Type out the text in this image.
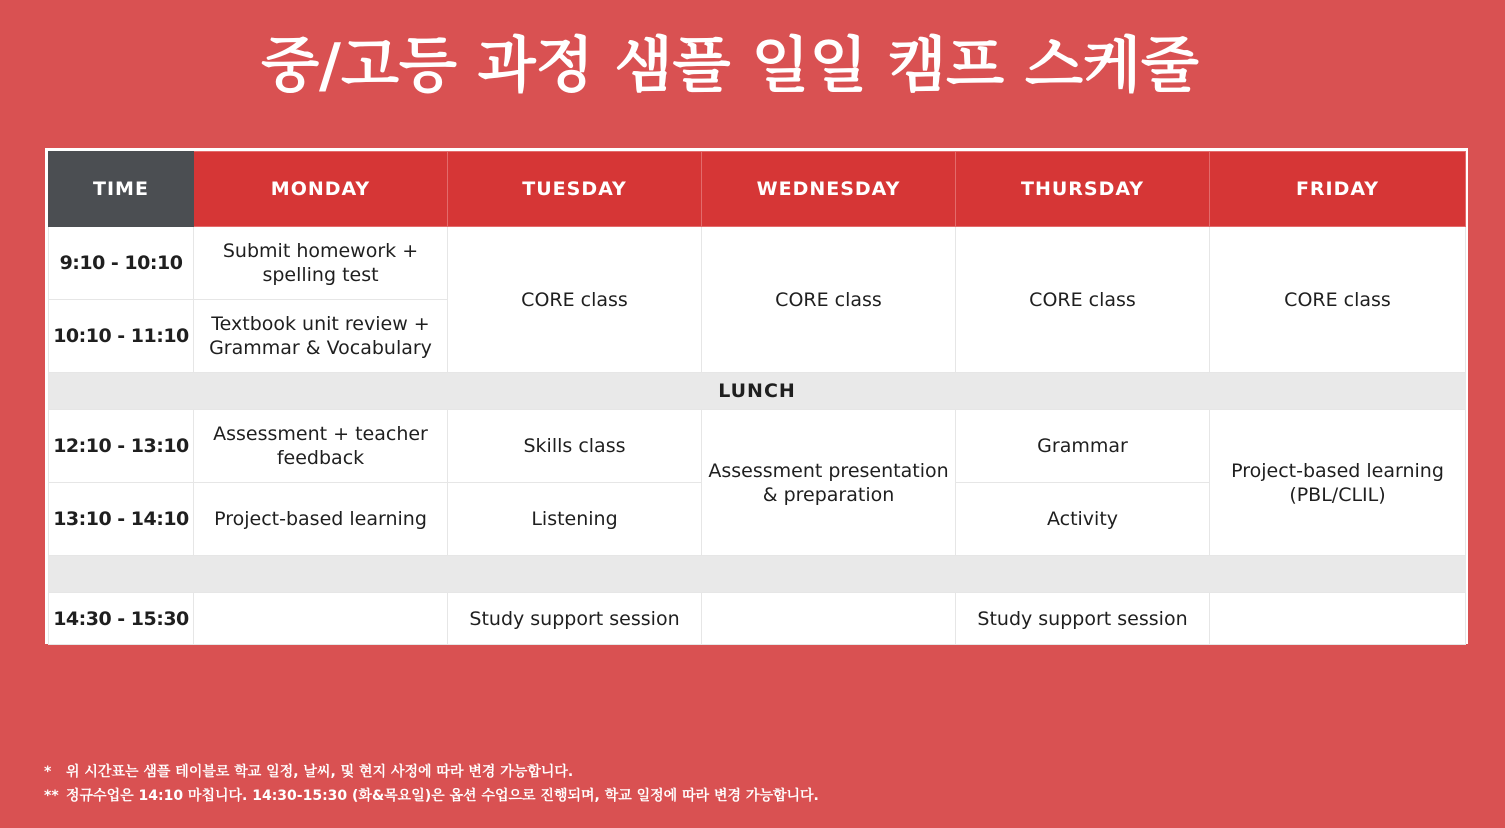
중/고등 과정 샘플 일일 캠프 스케줄
TIME	MONDAY	TUESDAY	WEDNESDAY	THURSDAY	FRIDAY
9:10 - 10:10	Submit homework + spelling test	CORE class	CORE class	CORE class	CORE class
10:10 - 11:10	Textbook unit review + Grammar & Vocabulary				
LUNCH					
12:10 - 13:10	Assessment + teacher feedback	Skills class	Assessment presentation & preparation	Grammar	Project-based learning (PBL/CLIL)
13:10 - 14:10	Project-based learning	Listening		Activity	

14:30 - 15:30		Study support session		Study support session	
* 위 시간표는 샘플 테이블로 학교 일정, 날씨, 및 현지 사정에 따라 변경 가능합니다.
** 정규수업은 14:10 마칩니다. 14:30-15:30 (화&목요일)은 옵션 수업으로 진행되며, 학교 일정에 따라 변경 가능합니다.
